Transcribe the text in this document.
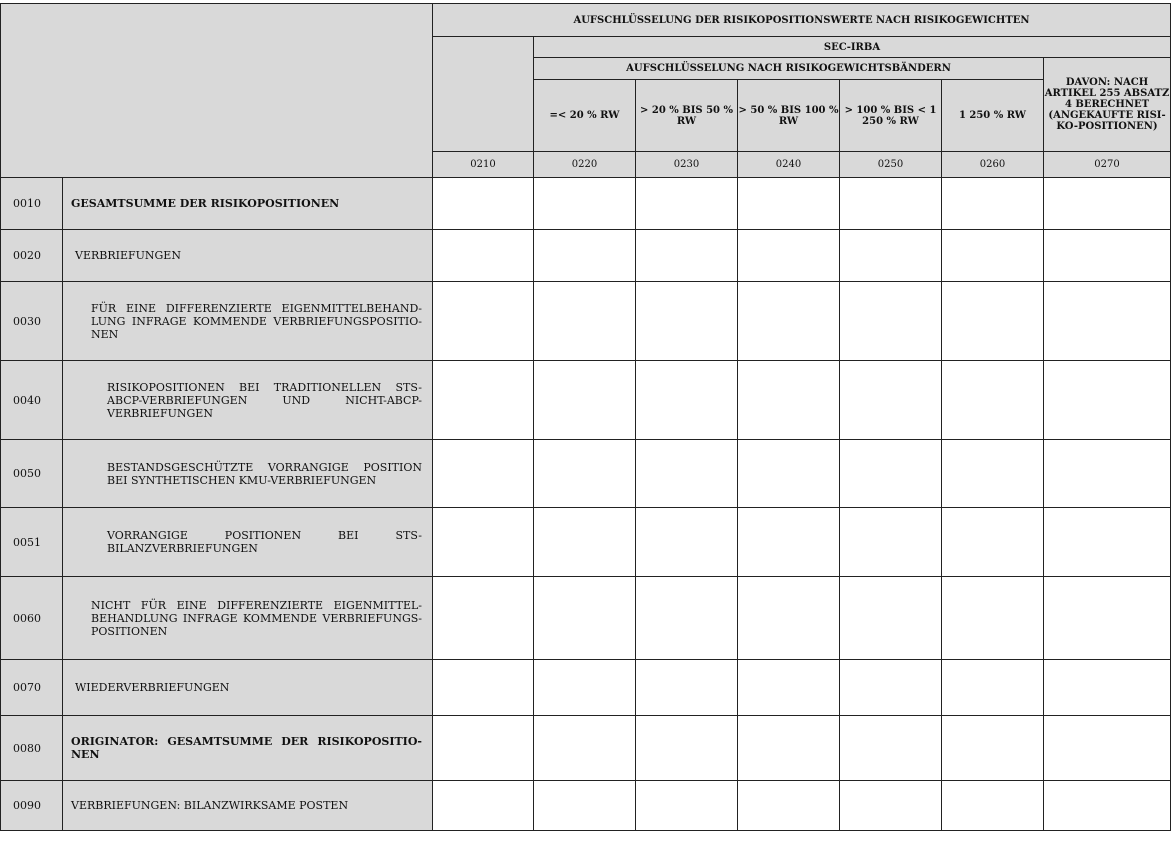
		AUFSCHLÜSSELUNG DER RISIKOPOSITIONSWERTE NACH RISIKOGEWICHTEN						
			SEC-IRBA					
			AUFSCHLÜSSELUNG NACH RISIKOGEWICHTSBÄNDERN					DAVON: NACH ARTIKEL 255 ABSATZ 4 BERECHNET (ANGEKAUFTE RISIKO-POSITIONEN)
			=< 20 % RW	> 20 % BIS 50 % RW	> 50 % BIS 100 % RW	> 100 % BIS < 1 250 % RW	1 250 % RW	
		0210	0220	0230	0240	0250	0260	0270
0010	GESAMTSUMME DER RISIKOPOSITIONEN							
0020	VERBRIEFUNGEN							
0030	FÜR EINE DIFFERENZIERTE EIGENMITTELBEHANDLUNG INFRAGE KOMMENDE VERBRIEFUNGSPOSITIONEN							
0040	RISIKOPOSITIONEN BEI TRADITIONELLEN STS-ABCP-VERBRIEFUNGEN UND NICHT-ABCP-VERBRIEFUNGEN							
0050	BESTANDSGESCHÜTZTE VORRANGIGE POSITION BEI SYNTHETISCHEN KMU-VERBRIEFUNGEN							
0051	VORRANGIGE POSITIONEN BEI STS-BILANZVERBRIEFUNGEN							
0060	NICHT FÜR EINE DIFFERENZIERTE EIGENMITTELBEHANDLUNG INFRAGE KOMMENDE VERBRIEFUNGSPOSITIONEN							
0070	WIEDERVERBRIEFUNGEN							
0080	ORIGINATOR: GESAMTSUMME DER RISIKOPOSITIONEN							
0090	VERBRIEFUNGEN: BILANZWIRKSAME POSTEN							
